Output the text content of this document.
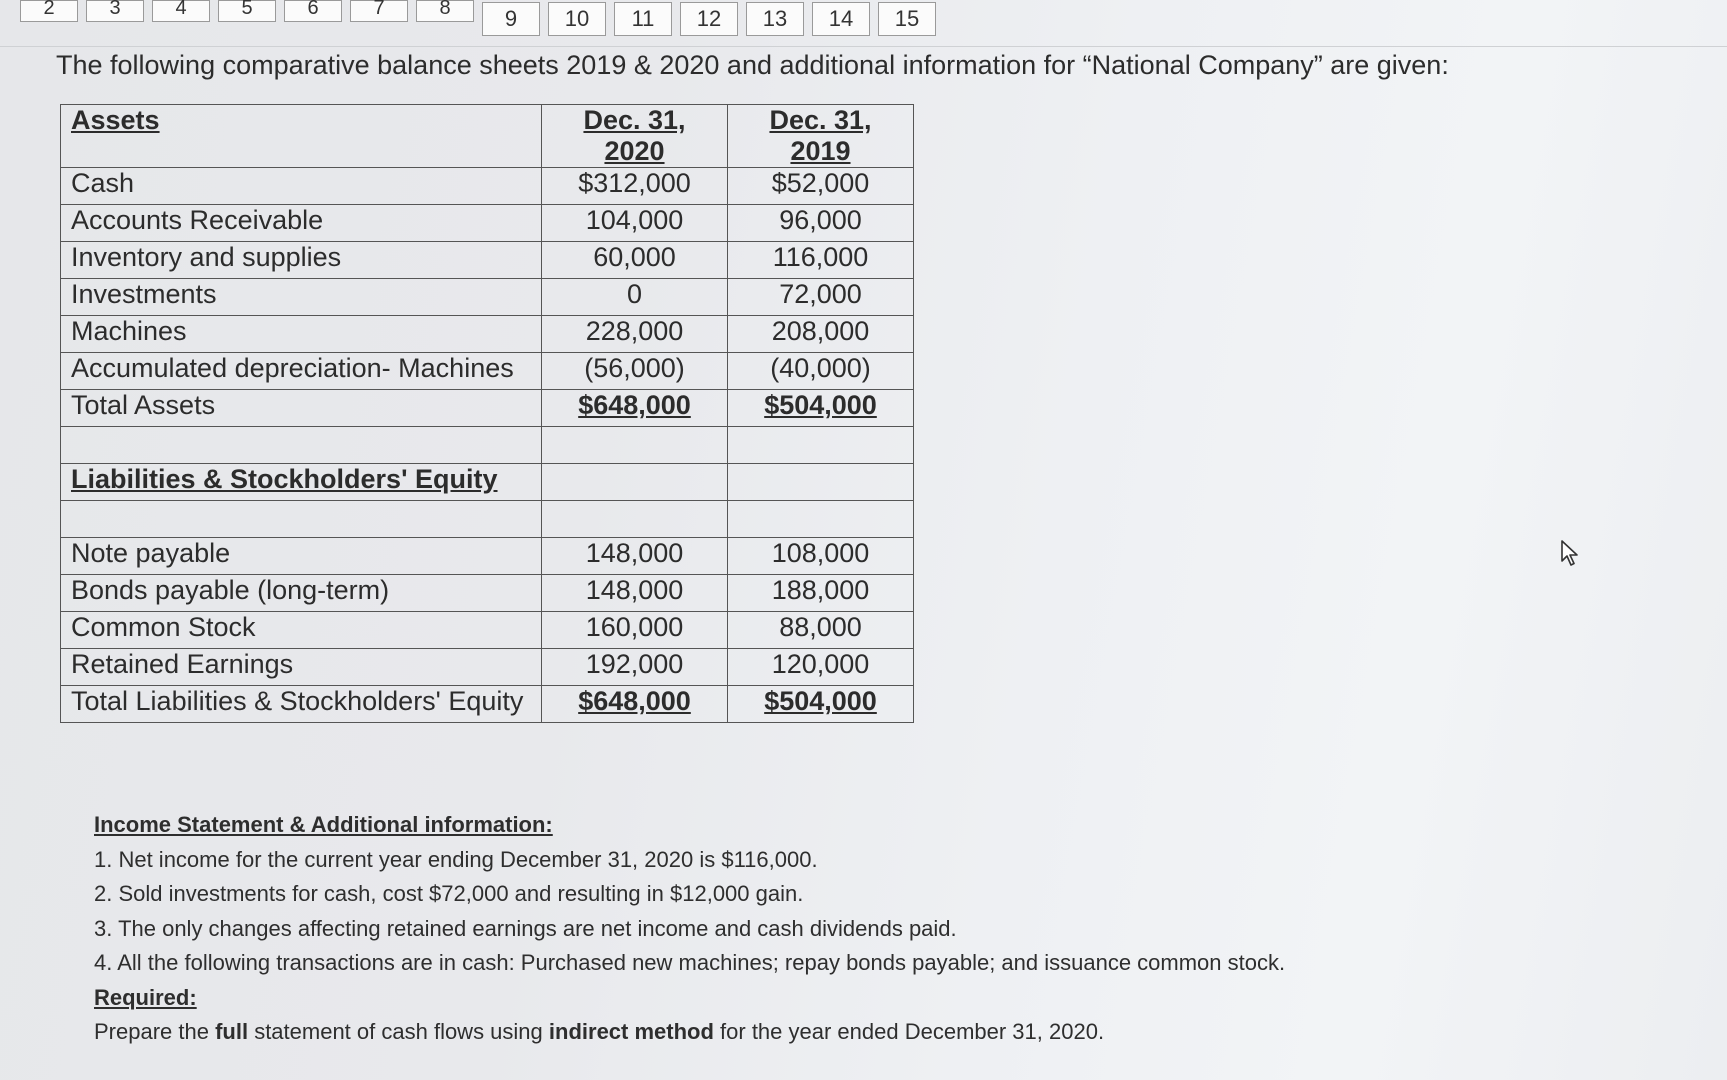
2	3	4	5	6	7	8	9	10	11	12	13	14	15
The following comparative balance sheets 2019 & 2020 and additional information for “National Company” are given:
Assets	Dec. 31, 2020	Dec. 31, 2019
Cash	$312,000	$52,000
Accounts Receivable	104,000	96,000
Inventory and supplies	60,000	116,000
Investments	0	72,000
Machines	228,000	208,000
Accumulated depreciation- Machines	(56,000)	(40,000)
Total Assets	$648,000	$504,000

Liabilities & Stockholders' Equity		

Note payable	148,000	108,000
Bonds payable (long-term)	148,000	188,000
Common Stock	160,000	88,000
Retained Earnings	192,000	120,000
Total Liabilities & Stockholders' Equity	$648,000	$504,000
Income Statement & Additional information:
1. Net income for the current year ending December 31, 2020 is $116,000.
2. Sold investments for cash, cost $72,000 and resulting in $12,000 gain.
3. The only changes affecting retained earnings are net income and cash dividends paid.
4. All the following transactions are in cash: Purchased new machines; repay bonds payable; and issuance common stock.
Required:
Prepare the full statement of cash flows using indirect method for the year ended December 31, 2020.
